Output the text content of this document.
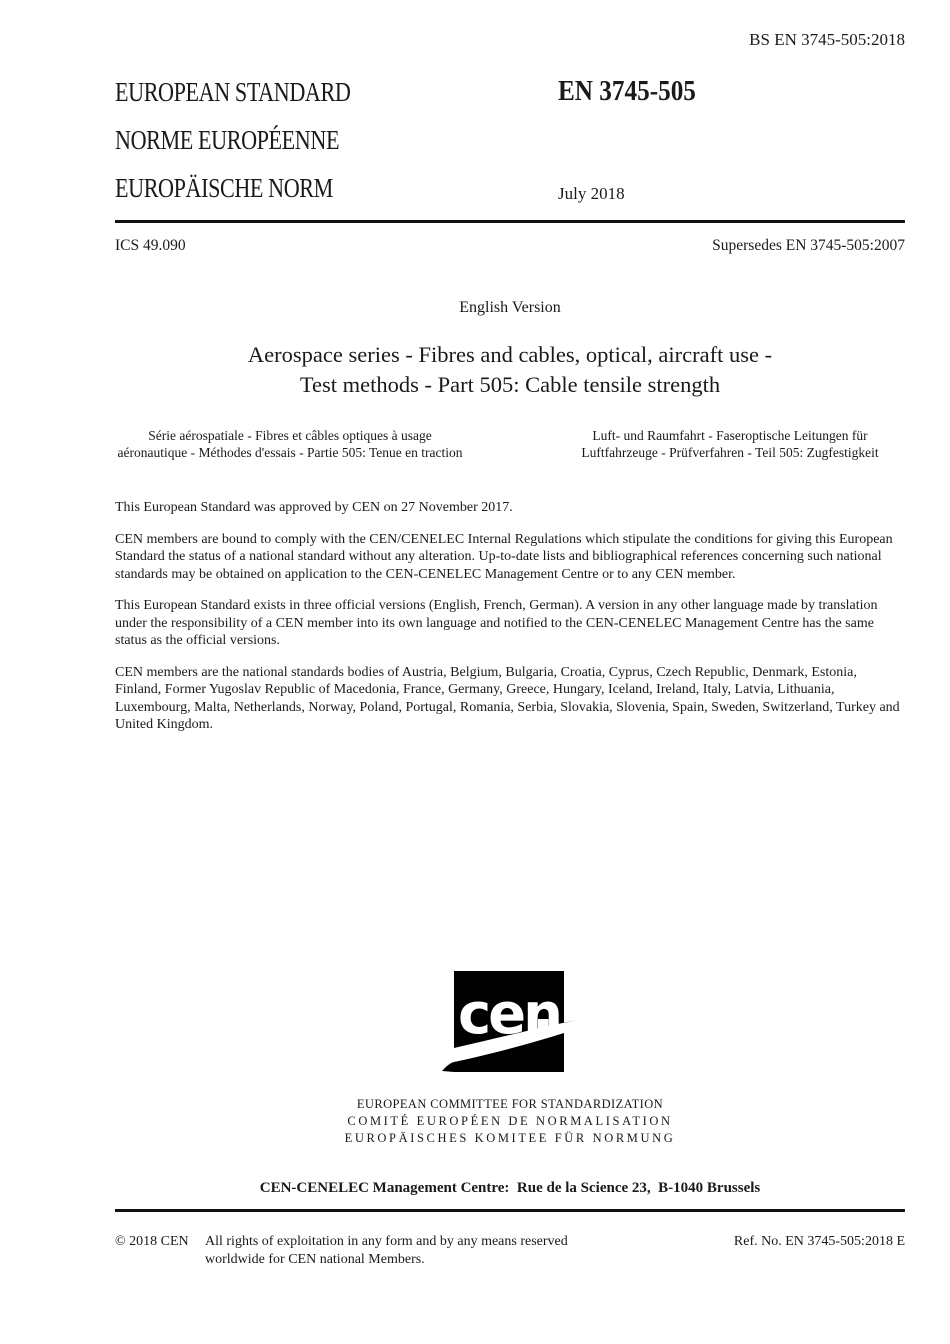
BS EN 3745-505:2018
EUROPEAN STANDARD	EN 3745-505
NORME EUROPÉENNE
EUROPÄISCHE NORM	July 2018
ICS 49.090	Supersedes EN 3745-505:2007
English Version
Aerospace series - Fibres and cables, optical, aircraft use -
Test methods - Part 505: Cable tensile strength
Série aérospatiale - Fibres et câbles optiques à usage aéronautique - Méthodes d'essais - Partie 505: Tenue en traction
Luft- und Raumfahrt - Faseroptische Leitungen für Luftfahrzeuge - Prüfverfahren - Teil 505: Zugfestigkeit

This European Standard was approved by CEN on 27 November 2017.

CEN members are bound to comply with the CEN/CENELEC Internal Regulations which stipulate the conditions for giving this European Standard the status of a national standard without any alteration. Up-to-date lists and bibliographical references concerning such national standards may be obtained on application to the CEN-CENELEC Management Centre or to any CEN member.

This European Standard exists in three official versions (English, French, German). A version in any other language made by translation under the responsibility of a CEN member into its own language and notified to the CEN-CENELEC Management Centre has the same status as the official versions.

CEN members are the national standards bodies of Austria, Belgium, Bulgaria, Croatia, Cyprus, Czech Republic, Denmark, Estonia, Finland, Former Yugoslav Republic of Macedonia, France, Germany, Greece, Hungary, Iceland, Ireland, Italy, Latvia, Lithuania, Luxembourg, Malta, Netherlands, Norway, Poland, Portugal, Romania, Serbia, Slovakia, Slovenia, Spain, Sweden, Switzerland, Turkey and United Kingdom.

cen
EUROPEAN COMMITTEE FOR STANDARDIZATION
COMITÉ EUROPÉEN DE NORMALISATION
EUROPÄISCHES KOMITEE FÜR NORMUNG
CEN-CENELEC Management Centre:  Rue de la Science 23,  B-1040 Brussels
© 2018 CEN	All rights of exploitation in any form and by any means reserved
worldwide for CEN national Members.
Ref. No. EN 3745-505:2018 E
